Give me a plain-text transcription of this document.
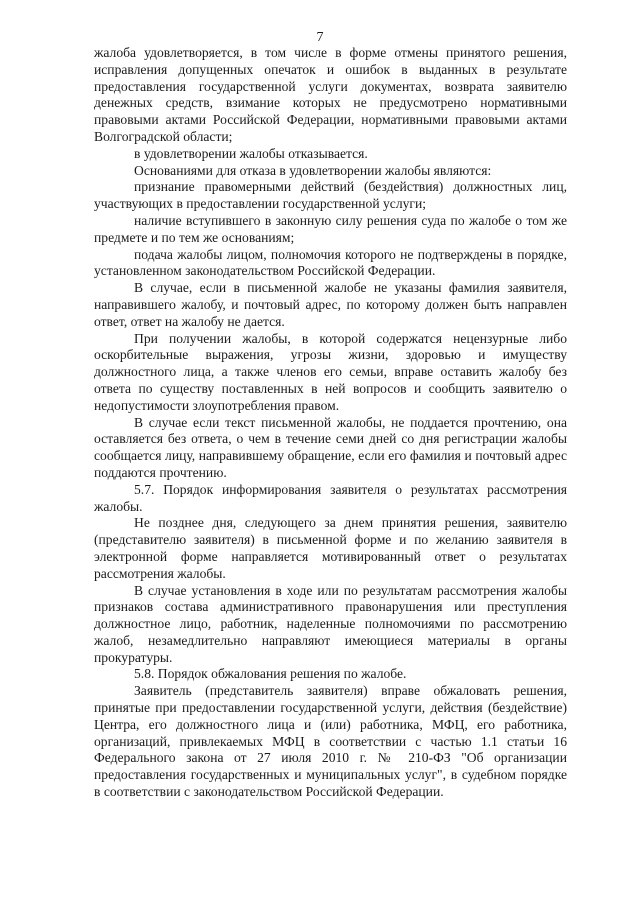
7

жалоба удовлетворяется, в том числе в форме отмены принятого решения, исправления допущенных опечаток и ошибок в выданных в результате предоставления государственной услуги документах, возврата заявителю денежных средств, взимание которых не предусмотрено нормативными правовыми актами Российской Федерации, нормативными правовыми актами Волгоградской области;

в удовлетворении жалобы отказывается.

Основаниями для отказа в удовлетворении жалобы являются:

признание правомерными действий (бездействия) должностных лиц, участвующих в предоставлении государственной услуги;

наличие вступившего в законную силу решения суда по жалобе о том же предмете и по тем же основаниям;

подача жалобы лицом, полномочия которого не подтверждены в порядке, установленном законодательством Российской Федерации.

В случае, если в письменной жалобе не указаны фамилия заявителя, направившего жалобу, и почтовый адрес, по которому должен быть направлен ответ, ответ на жалобу не дается.

При получении жалобы, в которой содержатся нецензурные либо оскорбительные выражения, угрозы жизни, здоровью и имуществу должностного лица, а также членов его семьи, вправе оставить жалобу без ответа по существу поставленных в ней вопросов и сообщить заявителю о недопустимости злоупотребления правом.

В случае если текст письменной жалобы, не поддается прочтению, она оставляется без ответа, о чем в течение семи дней со дня регистрации жалобы сообщается лицу, направившему обращение, если его фамилия и почтовый адрес поддаются прочтению.

5.7. Порядок информирования заявителя о результатах рассмотрения жалобы.

Не позднее дня, следующего за днем принятия решения, заявителю (представителю заявителя) в письменной форме и по желанию заявителя в электронной форме направляется мотивированный ответ о результатах рассмотрения жалобы.

В случае установления в ходе или по результатам рассмотрения жалобы признаков состава административного правонарушения или преступления должностное лицо, работник, наделенные полномочиями по рассмотрению жалоб, незамедлительно направляют имеющиеся материалы в органы прокуратуры.

5.8. Порядок обжалования решения по жалобе.

Заявитель (представитель заявителя) вправе обжаловать решения, принятые при предоставлении государственной услуги, действия (бездействие) Центра, его должностного лица и (или) работника, МФЦ, его работника, организаций, привлекаемых МФЦ в соответствии с частью 1.1 статьи 16 Федерального закона от 27 июля 2010 г. № 210-ФЗ "Об организации предоставления государственных и муниципальных услуг", в судебном порядке в соответствии с законодательством Российской Федерации.
